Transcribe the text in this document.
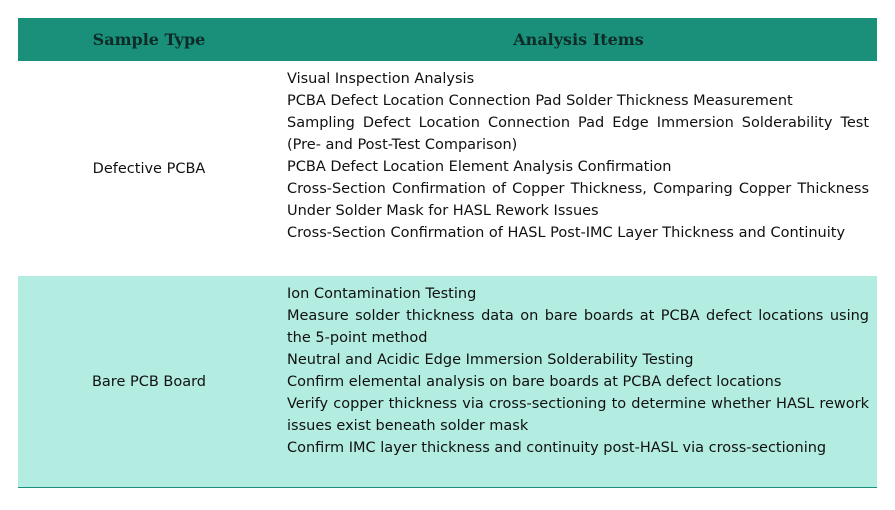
Sample Type	Analysis Items
Defective PCBA
Visual Inspection Analysis
PCBA Defect Location Connection Pad Solder Thickness Measurement
Sampling Defect Location Connection Pad Edge Immersion Solderability Test (Pre- and Post-Test Comparison)
PCBA Defect Location Element Analysis Confirmation
Cross-Section Confirmation of Copper Thickness, Comparing Copper Thickness Under Solder Mask for HASL Rework Issues
Cross-Section Confirmation of HASL Post-IMC Layer Thickness and Continuity
Bare PCB Board
Ion Contamination Testing
Measure solder thickness data on bare boards at PCBA defect locations using the 5-point method
Neutral and Acidic Edge Immersion Solderability Testing
Confirm elemental analysis on bare boards at PCBA defect locations
Verify copper thickness via cross-sectioning to determine whether HASL rework issues exist beneath solder mask
Confirm IMC layer thickness and continuity post-HASL via cross-sectioning
